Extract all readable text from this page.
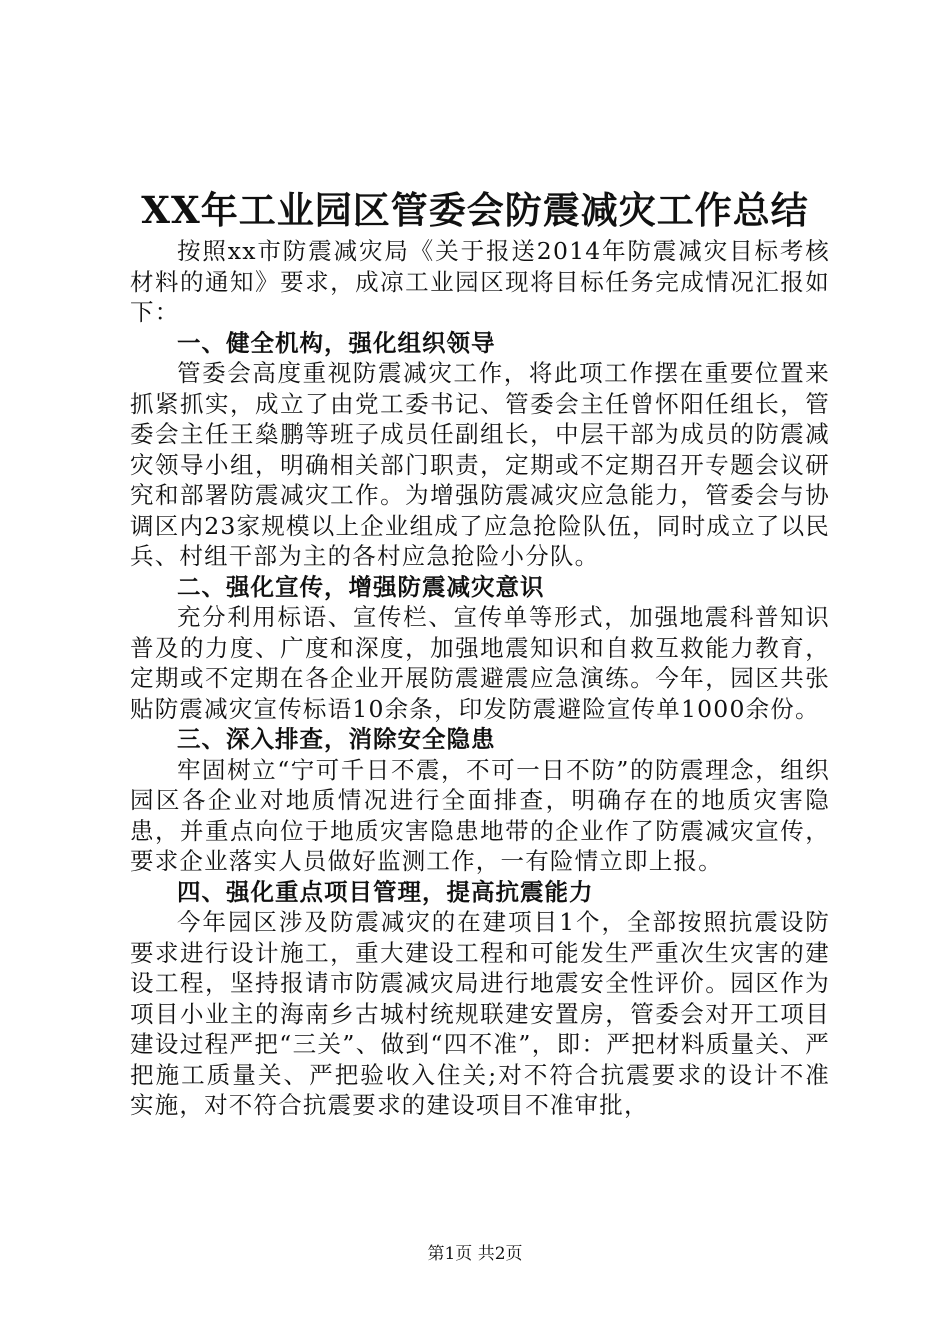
XX年工业园区管委会防震减灾工作总结

按照xx市防震减灾局《关于报送2014年防震减灾目标考核材料的通知》要求，成凉工业园区现将目标任务完成情况汇报如下：

一、健全机构，强化组织领导

管委会高度重视防震减灾工作，将此项工作摆在重要位置来抓紧抓实，成立了由党工委书记、管委会主任曾怀阳任组长，管委会主任王燊鹏等班子成员任副组长，中层干部为成员的防震减灾领导小组，明确相关部门职责，定期或不定期召开专题会议研究和部署防震减灾工作。为增强防震减灾应急能力，管委会与协调区内23家规模以上企业组成了应急抢险队伍，同时成立了以民兵、村组干部为主的各村应急抢险小分队。

二、强化宣传，增强防震减灾意识

充分利用标语、宣传栏、宣传单等形式，加强地震科普知识普及的力度、广度和深度，加强地震知识和自救互救能力教育，定期或不定期在各企业开展防震避震应急演练。今年，园区共张贴防震减灾宣传标语10余条，印发防震避险宣传单1000余份。

三、深入排查，消除安全隐患

牢固树立“宁可千日不震，不可一日不防”的防震理念，组织园区各企业对地质情况进行全面排查，明确存在的地质灾害隐患，并重点向位于地质灾害隐患地带的企业作了防震减灾宣传，要求企业落实人员做好监测工作，一有险情立即上报。

四、强化重点项目管理，提高抗震能力

今年园区涉及防震减灾的在建项目1个，全部按照抗震设防要求进行设计施工，重大建设工程和可能发生严重次生灾害的建设工程，坚持报请市防震减灾局进行地震安全性评价。园区作为项目小业主的海南乡古城村统规联建安置房，管委会对开工项目建设过程严把“三关”、做到“四不准”，即：严把材料质量关、严把施工质量关、严把验收入住关;对不符合抗震要求的设计不准实施，对不符合抗震要求的建设项目不准审批，

第1页 共2页
